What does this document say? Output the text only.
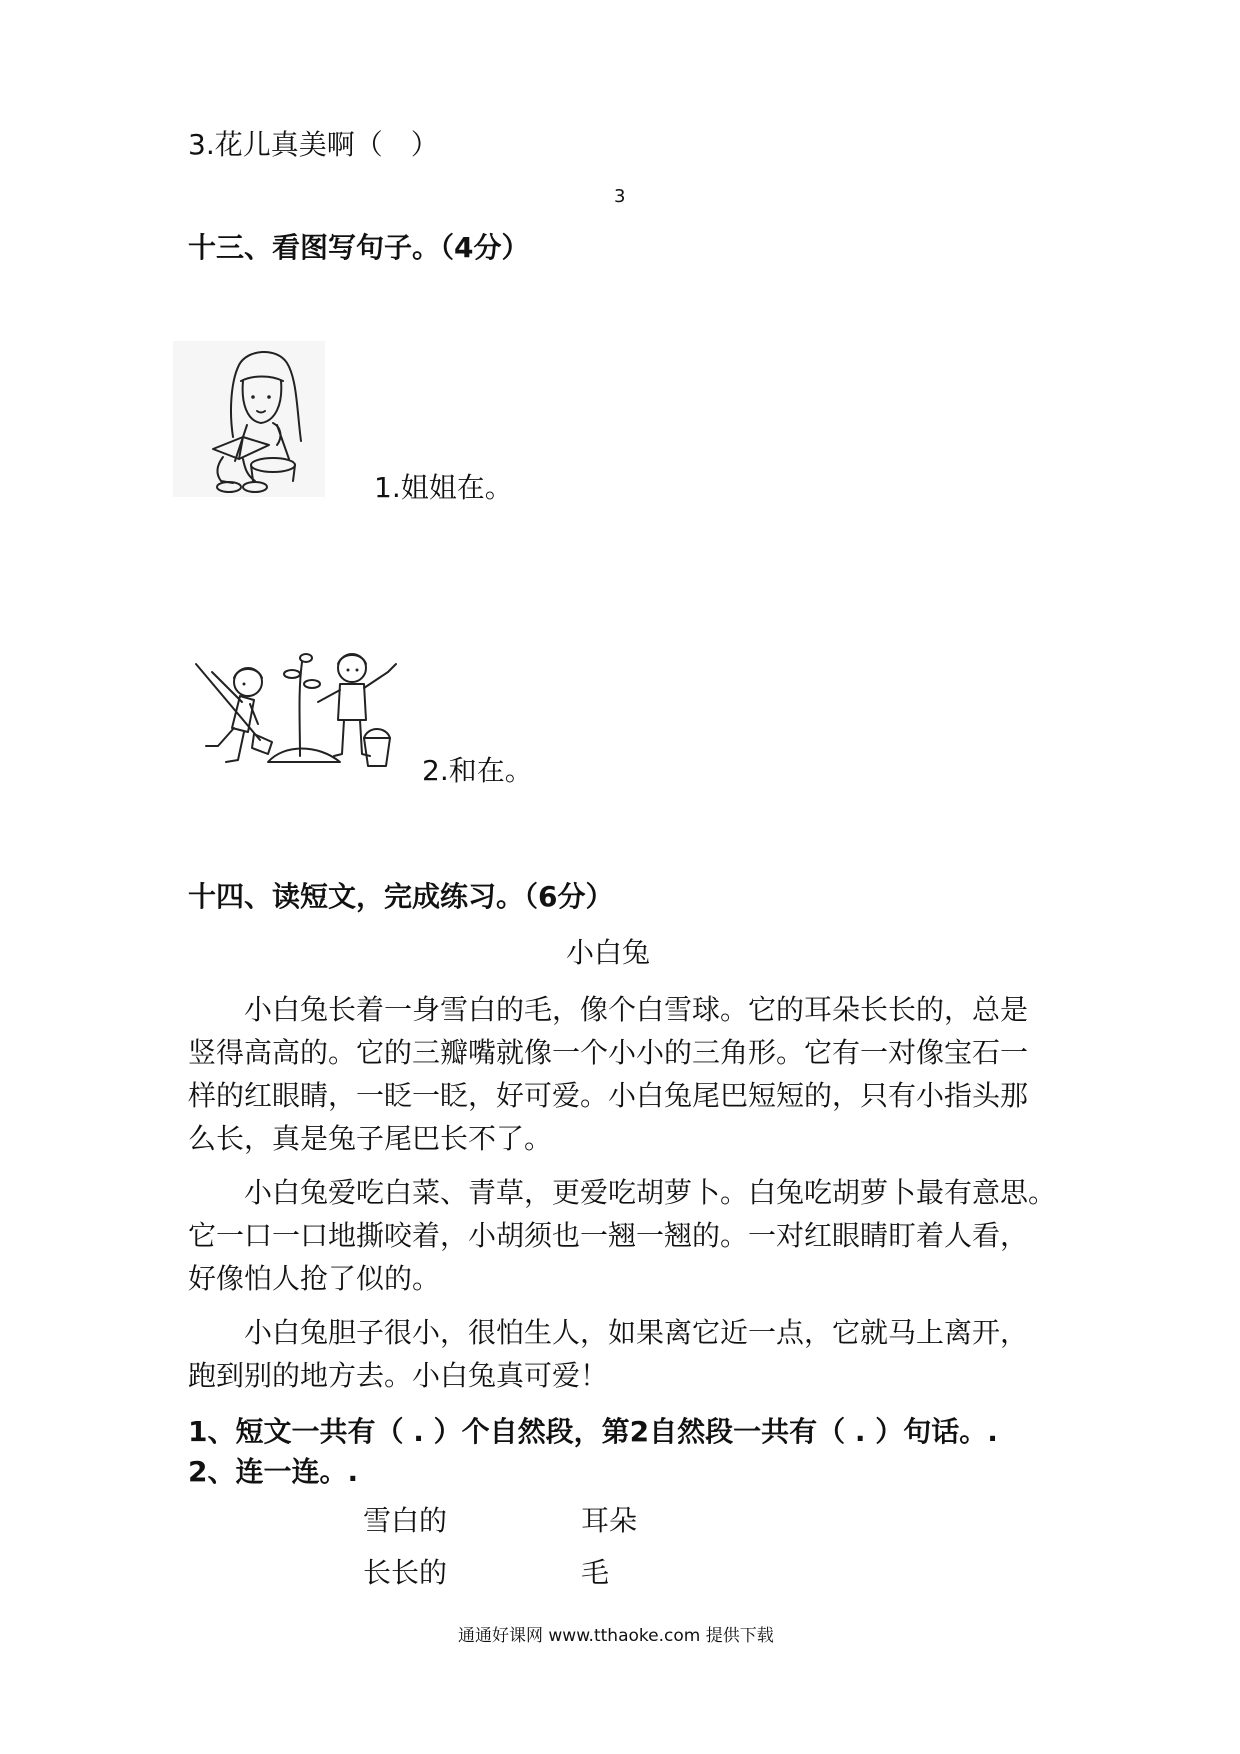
3.花儿真美啊（　）
3
十三、看图写句子。（4分）
1.姐姐在。
2.和在。
十四、读短文，完成练习。（6分）
小白兔
小白兔长着一身雪白的毛，像个白雪球。它的耳朵长长的，总是
竖得高高的。它的三瓣嘴就像一个小小的三角形。它有一对像宝石一
样的红眼睛，一眨一眨，好可爱。小白兔尾巴短短的，只有小指头那
么长，真是兔子尾巴长不了。
小白兔爱吃白菜、青草，更爱吃胡萝卜。白兔吃胡萝卜最有意思。
它一口一口地撕咬着，小胡须也一翘一翘的。一对红眼睛盯着人看，
好像怕人抢了似的。
小白兔胆子很小，很怕生人，如果离它近一点，它就马上离开，
跑到别的地方去。小白兔真可爱！
1、短文一共有（ . ）个自然段，第2自然段一共有（ . ）句话。.
2、连一连。.
雪白的	耳朵
长长的	毛
通通好课网 www.tthaoke.com 提供下载
